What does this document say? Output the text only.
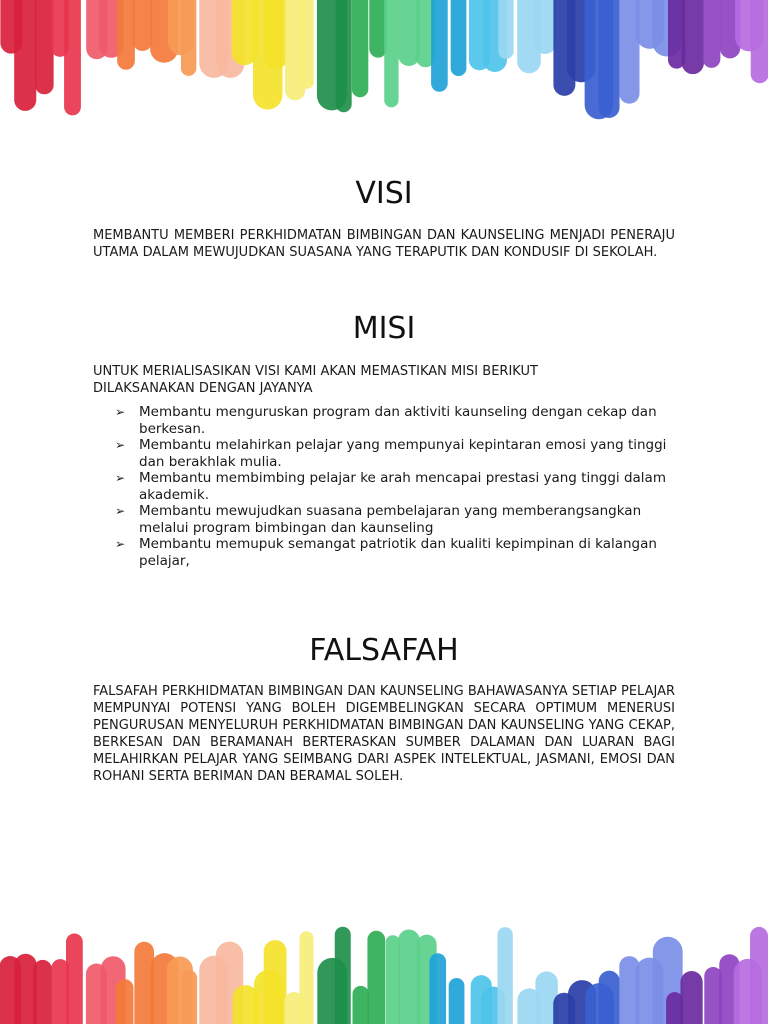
VISI

MEMBANTU MEMBERI PERKHIDMATAN BIMBINGAN DAN KAUNSELING MENJADI PENERAJU UTAMA DALAM MEWUJUDKAN SUASANA YANG TERAPUTIK DAN KONDUSIF DI SEKOLAH.

MISI

UNTUK MERIALISASIKAN VISI KAMI AKAN MEMASTIKAN MISI BERIKUT DILAKSANAKAN DENGAN JAYANYA

➢ Membantu menguruskan program dan aktiviti kaunseling dengan cekap dan berkesan.
➢ Membantu melahirkan pelajar yang mempunyai kepintaran emosi yang tinggi dan berakhlak mulia.
➢ Membantu membimbing pelajar ke arah mencapai prestasi yang tinggi dalam akademik.
➢ Membantu mewujudkan suasana pembelajaran yang memberangsangkan melalui program bimbingan dan kaunseling
➢ Membantu memupuk semangat patriotik dan kualiti kepimpinan di kalangan pelajar,
FALSAFAH

FALSAFAH PERKHIDMATAN BIMBINGAN DAN KAUNSELING BAHAWASANYA SETIAP PELAJAR MEMPUNYAI POTENSI YANG BOLEH DIGEMBELINGKAN SECARA OPTIMUM MENERUSI PENGURUSAN MENYELURUH PERKHIDMATAN BIMBINGAN DAN KAUNSELING YANG CEKAP, BERKESAN DAN BERAMANAH BERTERASKAN SUMBER DALAMAN DAN LUARAN BAGI MELAHIRKAN PELAJAR YANG SEIMBANG DARI ASPEK INTELEKTUAL, JASMANI, EMOSI DAN ROHANI SERTA BERIMAN DAN BERAMAL SOLEH.
